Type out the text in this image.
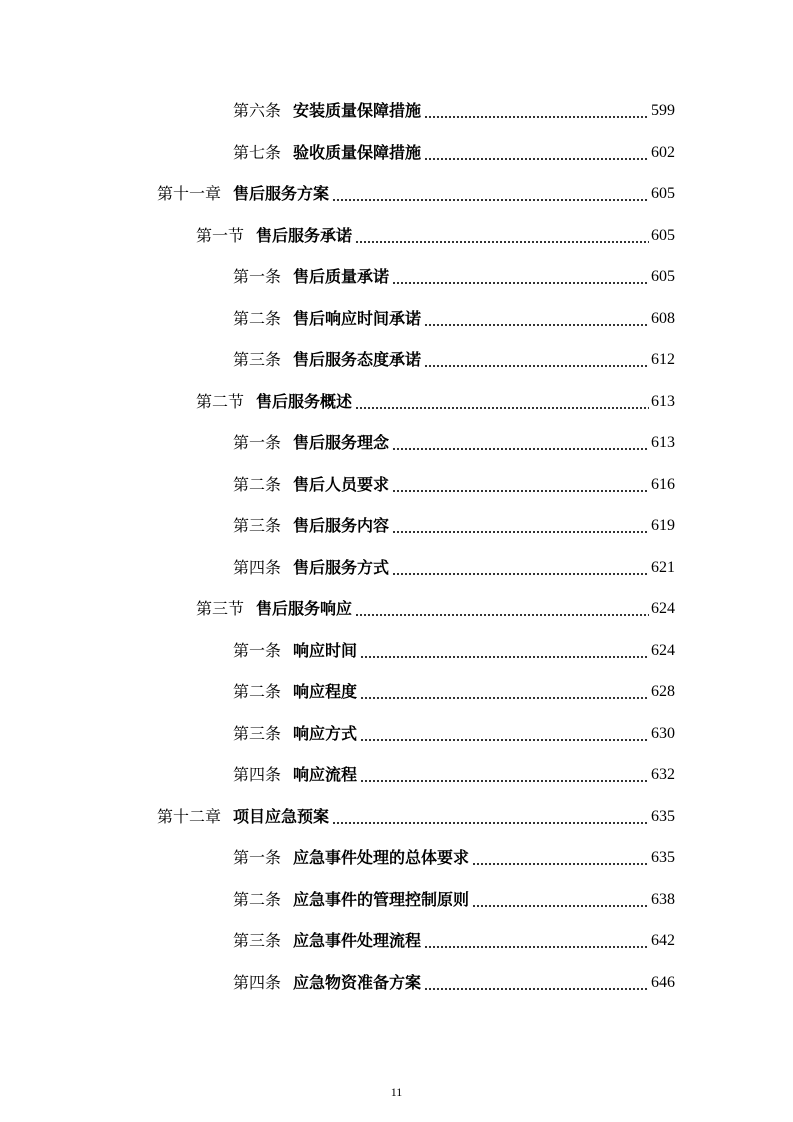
第六条 安装质量保障措施	599
第七条 验收质量保障措施	602
第十一章 售后服务方案	605
第一节 售后服务承诺	605
第一条 售后质量承诺	605
第二条 售后响应时间承诺	608
第三条 售后服务态度承诺	612
第二节 售后服务概述	613
第一条 售后服务理念	613
第二条 售后人员要求	616
第三条 售后服务内容	619
第四条 售后服务方式	621
第三节 售后服务响应	624
第一条 响应时间	624
第二条 响应程度	628
第三条 响应方式	630
第四条 响应流程	632
第十二章 项目应急预案	635
第一条 应急事件处理的总体要求	635
第二条 应急事件的管理控制原则	638
第三条 应急事件处理流程	642
第四条 应急物资准备方案	646
11
